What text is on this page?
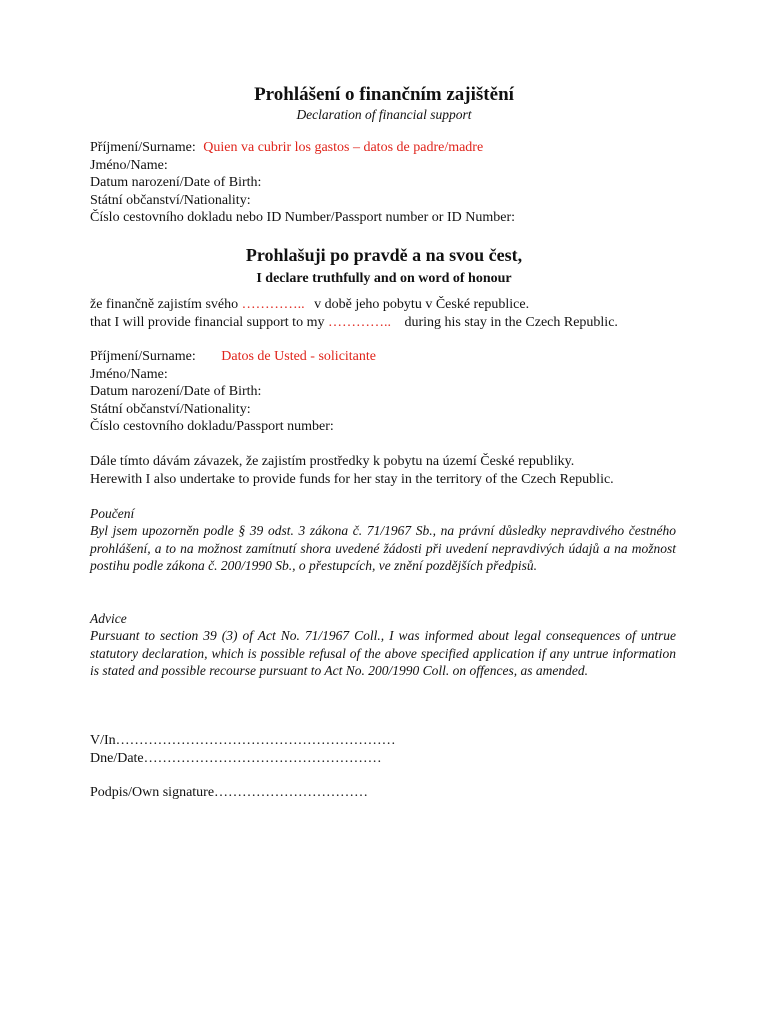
Prohlášení o finančním zajištění
Declaration of financial support
Příjmení/Surname: Quien va cubrir los gastos – datos de padre/madre
Jméno/Name:
Datum narození/Date of Birth:
Státní občanství/Nationality:
Číslo cestovního dokladu nebo ID Number/Passport number or ID Number:
Prohlašuji po pravdě a na svou čest,
I declare truthfully and on word of honour
že finančně zajistím svého ………….. v době jeho pobytu v České republice.
that I will provide financial support to my ………….. during his stay in the Czech Republic.
Příjmení/Surname: Datos de Usted - solicitante
Jméno/Name:
Datum narození/Date of Birth:
Státní občanství/Nationality:
Číslo cestovního dokladu/Passport number:
Dále tímto dávám závazek, že zajistím prostředky k pobytu na území České republiky.
Herewith I also undertake to provide funds for her stay in the territory of the Czech Republic.
Poučení

Byl jsem upozorněn podle § 39 odst. 3 zákona č. 71/1967 Sb., na právní důsledky nepravdivého čestného prohlášení, a to na možnost zamítnutí shora uvedené žádosti při uvedení nepravdivých údajů a na možnost postihu podle zákona č. 200/1990 Sb., o přestupcích, ve znění pozdějších předpisů.

Advice

Pursuant to section 39 (3) of Act No. 71/1967 Coll., I was informed about legal consequences of untrue statutory declaration, which is possible refusal of the above specified application if any untrue information is stated and possible recourse pursuant to Act No. 200/1990 Coll. on offences, as amended.

V/In……………………………………………………
Dne/Date……………………………………………
Podpis/Own signature……………………………
